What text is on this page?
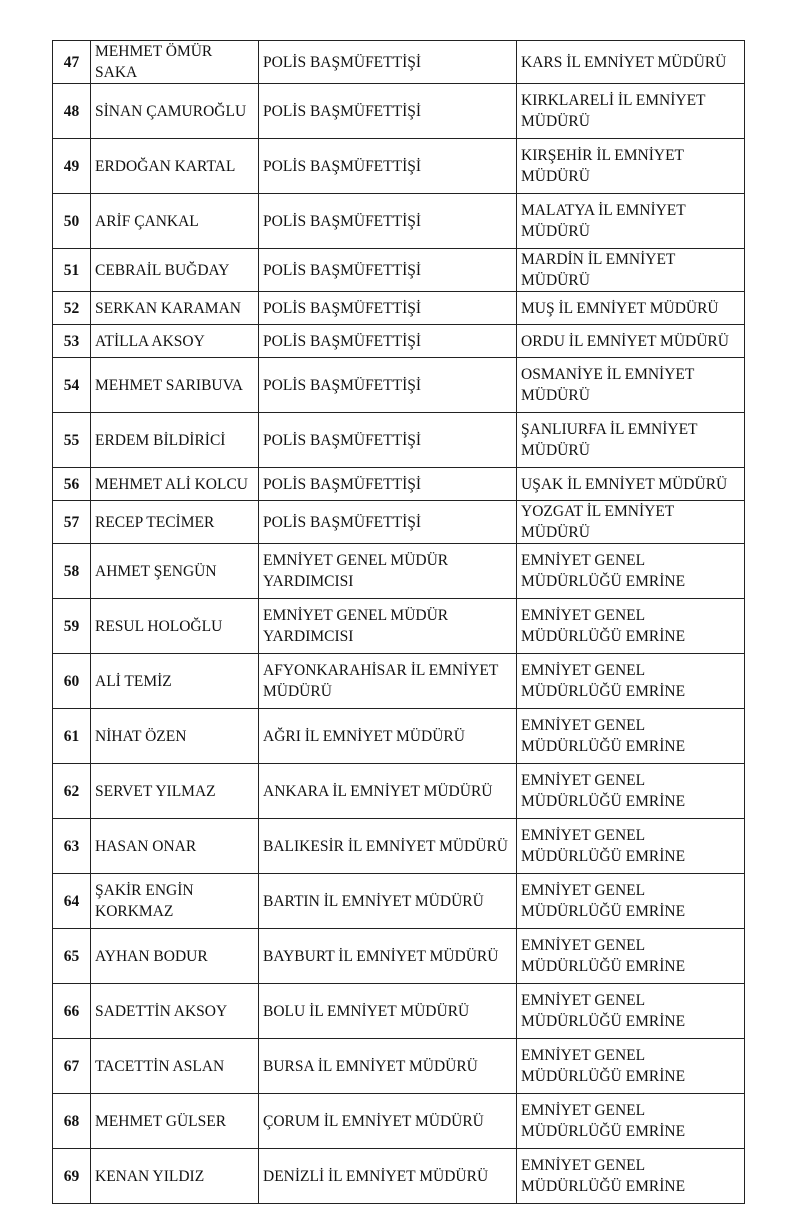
47	MEHMET ÖMÜR SAKA	POLİS BAŞMÜFETTİŞİ	KARS İL EMNİYET MÜDÜRÜ
48	SİNAN ÇAMUROĞLU	POLİS BAŞMÜFETTİŞİ	KIRKLARELİ İL EMNİYET MÜDÜRÜ
49	ERDOĞAN KARTAL	POLİS BAŞMÜFETTİŞİ	KIRŞEHİR İL EMNİYET MÜDÜRÜ
50	ARİF ÇANKAL	POLİS BAŞMÜFETTİŞİ	MALATYA İL EMNİYET MÜDÜRÜ
51	CEBRAİL BUĞDAY	POLİS BAŞMÜFETTİŞİ	MARDİN İL EMNİYET MÜDÜRÜ
52	SERKAN KARAMAN	POLİS BAŞMÜFETTİŞİ	MUŞ İL EMNİYET MÜDÜRÜ
53	ATİLLA AKSOY	POLİS BAŞMÜFETTİŞİ	ORDU İL EMNİYET MÜDÜRÜ
54	MEHMET SARIBUVA	POLİS BAŞMÜFETTİŞİ	OSMANİYE İL EMNİYET MÜDÜRÜ
55	ERDEM BİLDİRİCİ	POLİS BAŞMÜFETTİŞİ	ŞANLIURFA İL EMNİYET MÜDÜRÜ
56	MEHMET ALİ KOLCU	POLİS BAŞMÜFETTİŞİ	UŞAK İL EMNİYET MÜDÜRÜ
57	RECEP TECİMER	POLİS BAŞMÜFETTİŞİ	YOZGAT İL EMNİYET MÜDÜRÜ
58	AHMET ŞENGÜN	EMNİYET GENEL MÜDÜR YARDIMCISI	EMNİYET GENEL MÜDÜRLÜĞÜ EMRİNE
59	RESUL HOLOĞLU	EMNİYET GENEL MÜDÜR YARDIMCISI	EMNİYET GENEL MÜDÜRLÜĞÜ EMRİNE
60	ALİ TEMİZ	AFYONKARAHİSAR İL EMNİYET MÜDÜRÜ	EMNİYET GENEL MÜDÜRLÜĞÜ EMRİNE
61	NİHAT ÖZEN	AĞRI İL EMNİYET MÜDÜRÜ	EMNİYET GENEL MÜDÜRLÜĞÜ EMRİNE
62	SERVET YILMAZ	ANKARA İL EMNİYET MÜDÜRÜ	EMNİYET GENEL MÜDÜRLÜĞÜ EMRİNE
63	HASAN ONAR	BALIKESİR İL EMNİYET MÜDÜRÜ	EMNİYET GENEL MÜDÜRLÜĞÜ EMRİNE
64	ŞAKİR ENGİN KORKMAZ	BARTIN İL EMNİYET MÜDÜRÜ	EMNİYET GENEL MÜDÜRLÜĞÜ EMRİNE
65	AYHAN BODUR	BAYBURT İL EMNİYET MÜDÜRÜ	EMNİYET GENEL MÜDÜRLÜĞÜ EMRİNE
66	SADETTİN AKSOY	BOLU İL EMNİYET MÜDÜRÜ	EMNİYET GENEL MÜDÜRLÜĞÜ EMRİNE
67	TACETTİN ASLAN	BURSA İL EMNİYET MÜDÜRÜ	EMNİYET GENEL MÜDÜRLÜĞÜ EMRİNE
68	MEHMET GÜLSER	ÇORUM İL EMNİYET MÜDÜRÜ	EMNİYET GENEL MÜDÜRLÜĞÜ EMRİNE
69	KENAN YILDIZ	DENİZLİ İL EMNİYET MÜDÜRÜ	EMNİYET GENEL MÜDÜRLÜĞÜ EMRİNE
